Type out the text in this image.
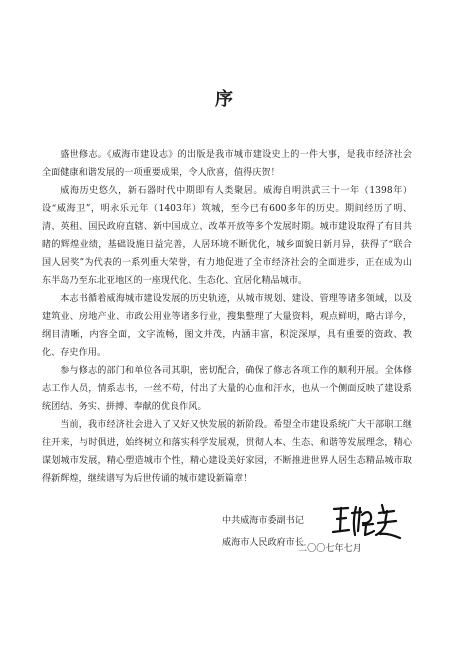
序

盛世修志。《威海市建设志》的出版是我市城市建设史上的一件大事，是我市经济社会全面健康和谐发展的一项重要成果，令人欣喜，值得庆贺！

威海历史悠久，新石器时代中期即有人类聚居。威海自明洪武三十一年（1398年）设“威海卫”，明永乐元年（1403年）筑城，至今已有600多年的历史。期间经历了明、清、英租、国民政府直辖、新中国成立、改革开放等多个发展时期。城市建设取得了有目共睹的辉煌业绩，基础设施日益完善，人居环境不断优化，城乡面貌日新月异，获得了“联合国人居奖”为代表的一系列重大荣誉，有力地促进了全市经济社会的全面进步，正在成为山东半岛乃至东北亚地区的一座现代化、生态化、宜居化精品城市。

本志书循着威海城市建设发展的历史轨迹，从城市规划、建设、管理等诸多领域，以及建筑业、房地产业、市政公用业等诸多行业，搜集整理了大量资料，观点鲜明，略古详今，纲目清晰，内容全面，文字流畅，图文并茂，内涵丰富，积淀深厚，具有重要的资政、教化、存史作用。

参与修志的部门和单位各司其职，密切配合，确保了修志各项工作的顺利开展。全体修志工作人员，情系志书，一丝不苟，付出了大量的心血和汗水，也从一个侧面反映了建设系统团结、务实、拼搏、奉献的优良作风。

当前，我市经济社会进入了又好又快发展的新阶段。希望全市建设系统广大干部职工继往开来，与时俱进，始终树立和落实科学发展观，贯彻人本、生态、和谐等发展理念，精心谋划城市发展，精心塑造城市个性，精心建设美好家园，不断推进世界人居生态精品城市取得新辉煌，继续谱写为后世传诵的城市建设新篇章！

中共威海市委副书记
威海市人民政府市长
二〇〇七年七月
